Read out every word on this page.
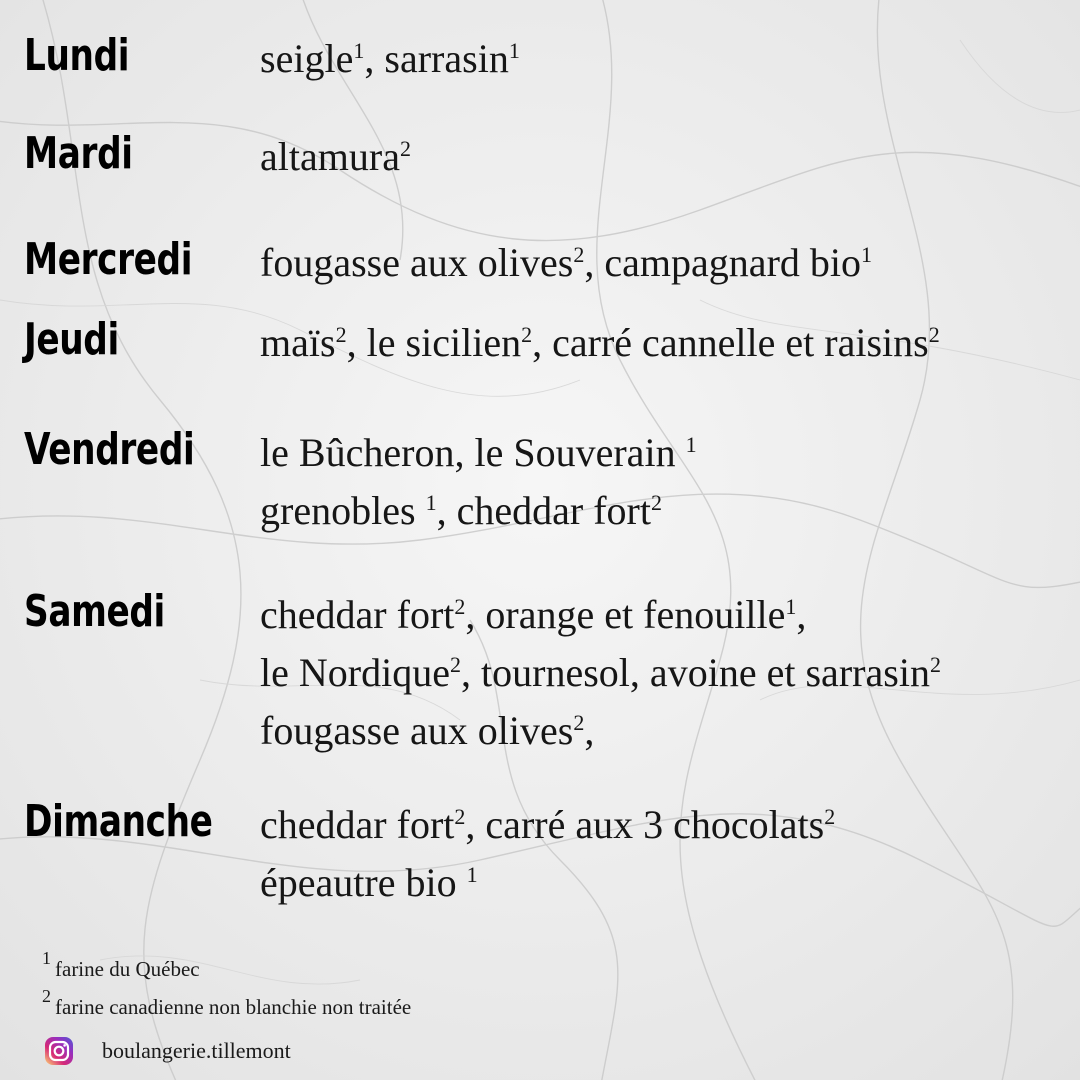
Lundi	seigle$^1$, sarrasin$^1$
Mardi	altamura$^2$
Mercredi fougasse aux olives$^2$, campagnard bio$^1$
Jeudi	maïs$^2$, le sicilien$^2$, carré cannelle et raisins$^2$
Vendredi le Bûcheron, le Souverain $^1$
grenobles $^1$, cheddar fort$^2$
Samedi cheddar fort$^2$, orange et fenouille$^1$,
le Nordique$^2$, tournesol, avoine et sarrasin$^2$
fougasse aux olives$^2$,
Dimanche cheddar fort$^2$, carré aux 3 chocolats$^2$
épeautre bio $^1$
1 farine du Québec
2 farine canadienne non blanchie non traitée
boulangerie.tillemont
